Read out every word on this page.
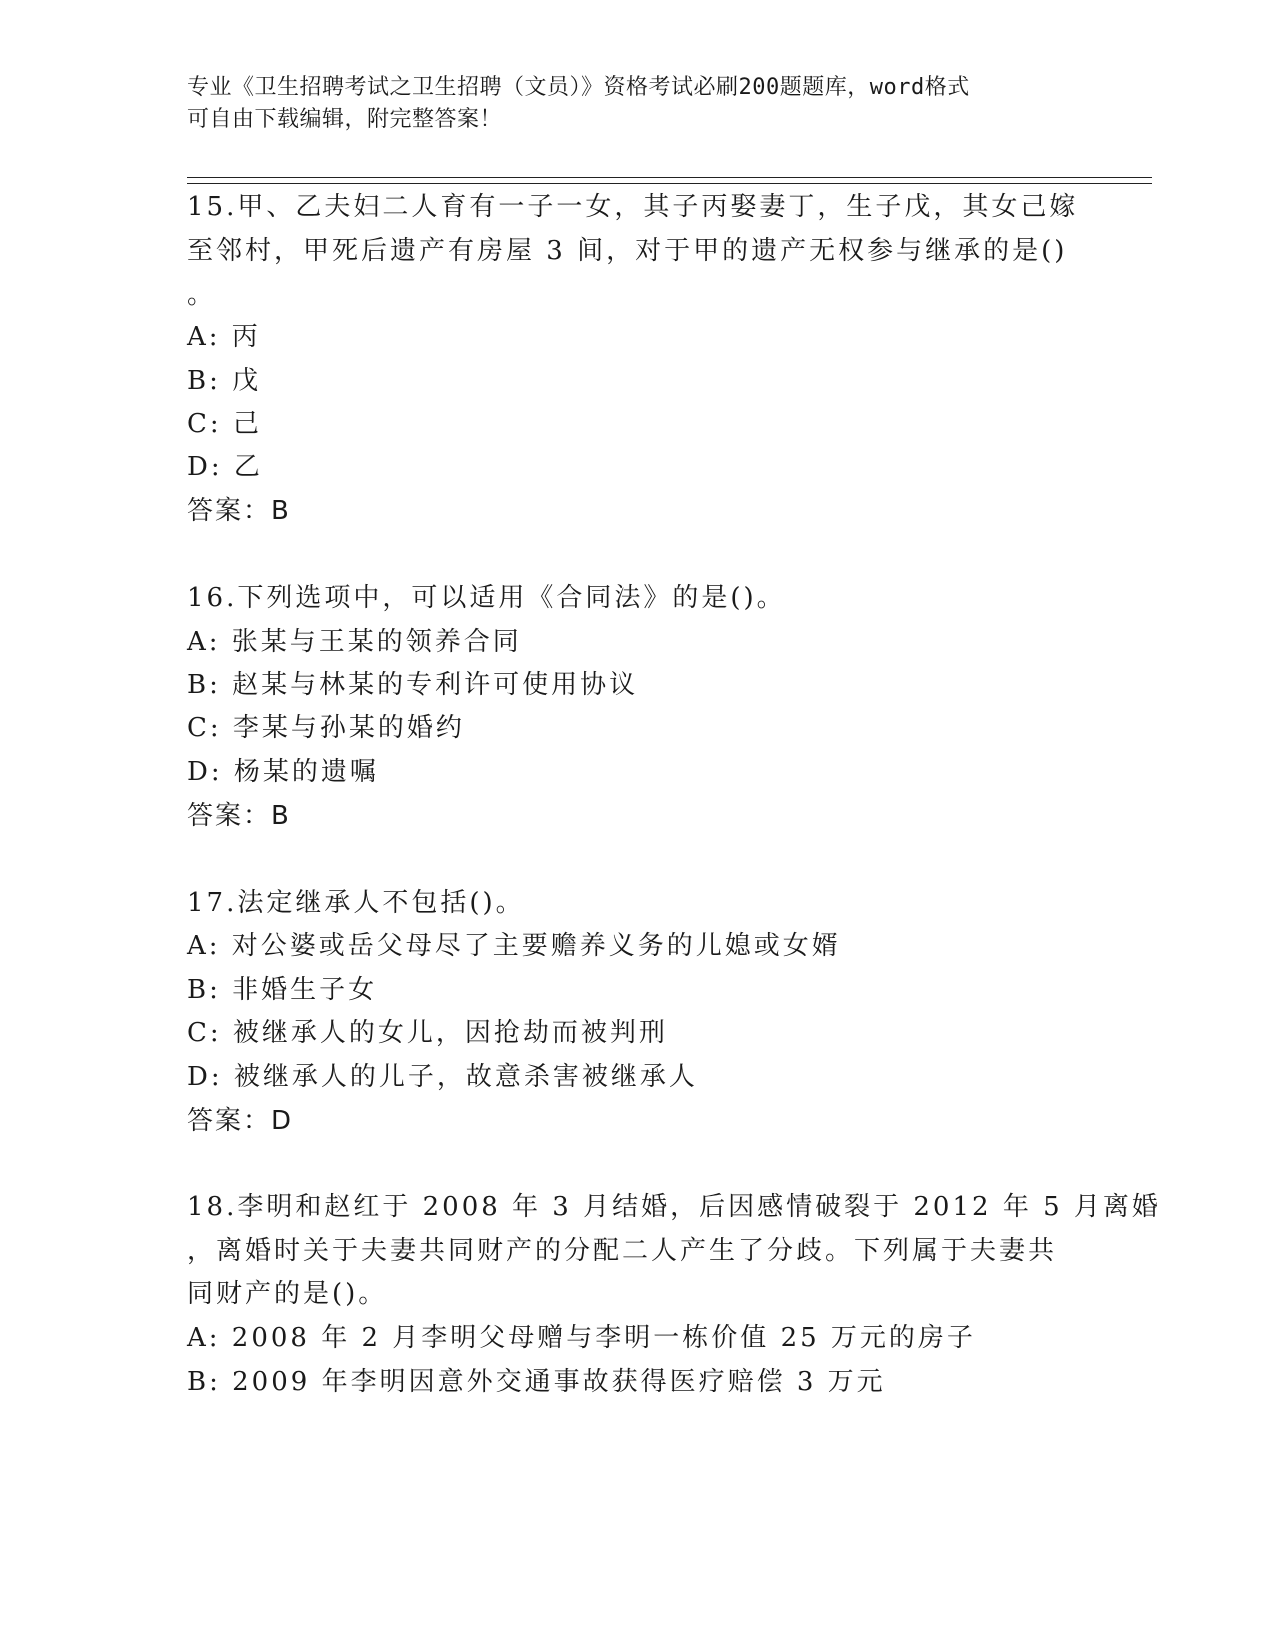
专业《卫生招聘考试之卫生招聘（文员）》资格考试必刷200题题库，word格式
可自由下载编辑，附完整答案！
15.甲、乙夫妇二人育有一子一女，其子丙娶妻丁，生子戊，其女己嫁
至邻村，甲死后遗产有房屋 3 间，对于甲的遗产无权参与继承的是()
。
A: 丙
B: 戊
C: 己
D: 乙
答案：B
16.下列选项中，可以适用《合同法》的是()。
A: 张某与王某的领养合同
B: 赵某与林某的专利许可使用协议
C: 李某与孙某的婚约
D: 杨某的遗嘱
答案：B
17.法定继承人不包括()。
A: 对公婆或岳父母尽了主要赡养义务的儿媳或女婿
B: 非婚生子女
C: 被继承人的女儿，因抢劫而被判刑
D: 被继承人的儿子，故意杀害被继承人
答案：D
18.李明和赵红于 2008 年 3 月结婚，后因感情破裂于 2012 年 5 月离婚
，离婚时关于夫妻共同财产的分配二人产生了分歧。下列属于夫妻共
同财产的是()。
A: 2008 年 2 月李明父母赠与李明一栋价值 25 万元的房子
B: 2009 年李明因意外交通事故获得医疗赔偿 3 万元
